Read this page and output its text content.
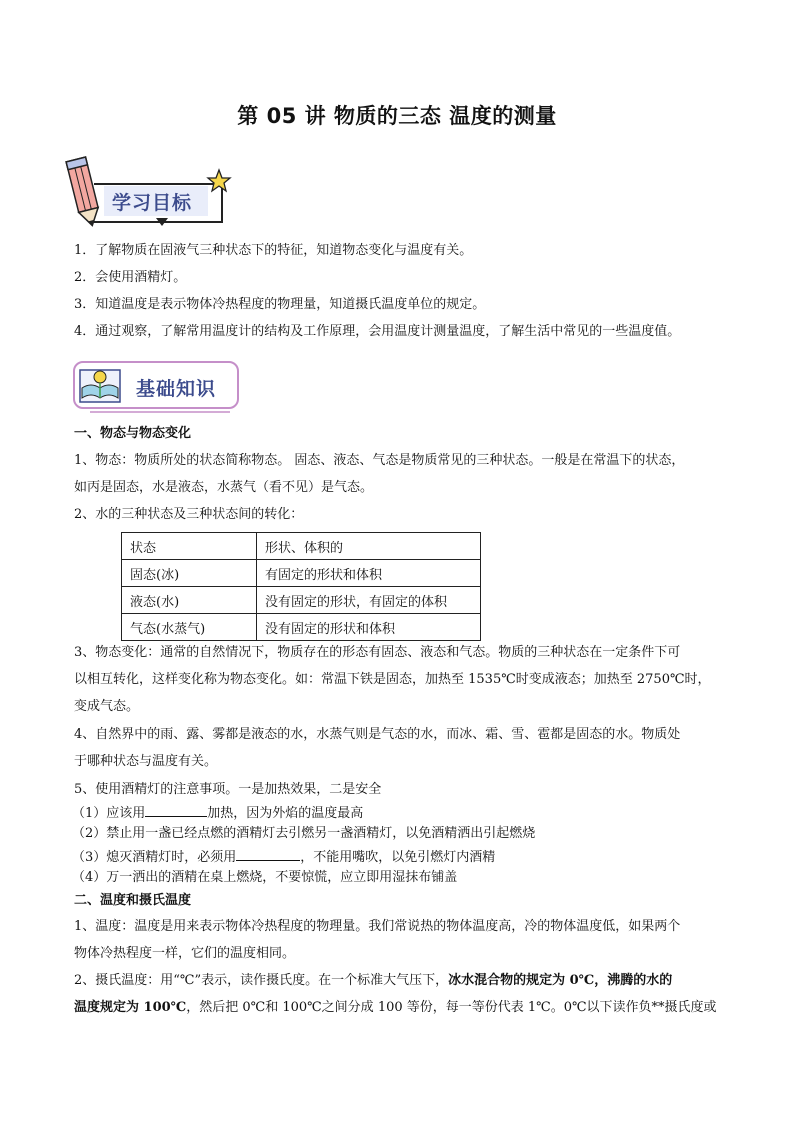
第 05 讲 物质的三态 温度的测量
学习目标
1．了解物质在固液气三种状态下的特征，知道物态变化与温度有关。
2．会使用酒精灯。
3．知道温度是表示物体冷热程度的物理量，知道摄氏温度单位的规定。
4．通过观察，了解常用温度计的结构及工作原理，会用温度计测量温度，了解生活中常见的一些温度值。
基础知识
一、物态与物态变化
1、物态：物质所处的状态简称物态。 固态、液态、气态是物质常见的三种状态。一般是在常温下的状态，
如丙是固态，水是液态，水蒸气（看不见）是气态。
2、水的三种状态及三种状态间的转化：
状态	形状、体积的
固态(冰)	有固定的形状和体积
液态(水)	没有固定的形状，有固定的体积
气态(水蒸气)	没有固定的形状和体积
3、物态变化：通常的自然情况下，物质存在的形态有固态、液态和气态。物质的三种状态在一定条件下可
以相互转化，这样变化称为物态变化。如：常温下铁是固态，加热至 1535℃时变成液态；加热至 2750℃时，
变成气态。
4、自然界中的雨、露、雾都是液态的水，水蒸气则是气态的水，而冰、霜、雪、雹都是固态的水。物质处
于哪种状态与温度有关。
5、使用酒精灯的注意事项。一是加热效果，二是安全
（1）应该用	加热，因为外焰的温度最高
（2）禁止用一盏已经点燃的酒精灯去引燃另一盏酒精灯，以免酒精洒出引起燃烧
（3）熄灭酒精灯时，必须用	，不能用嘴吹，以免引燃灯内酒精
（4）万一洒出的酒精在桌上燃烧，不要惊慌，应立即用湿抹布铺盖
二、温度和摄氏温度
1、温度：温度是用来表示物体冷热程度的物理量。我们常说热的物体温度高，冷的物体温度低，如果两个
物体冷热程度一样，它们的温度相同。
2、摄氏温度：用“℃”表示，读作摄氏度。在一个标准大气压下，冰水混合物的规定为 0℃，沸腾的水的
温度规定为 100℃，然后把 0℃和 100℃之间分成 100 等份，每一等份代表 1℃。0℃以下读作负**摄氏度或
